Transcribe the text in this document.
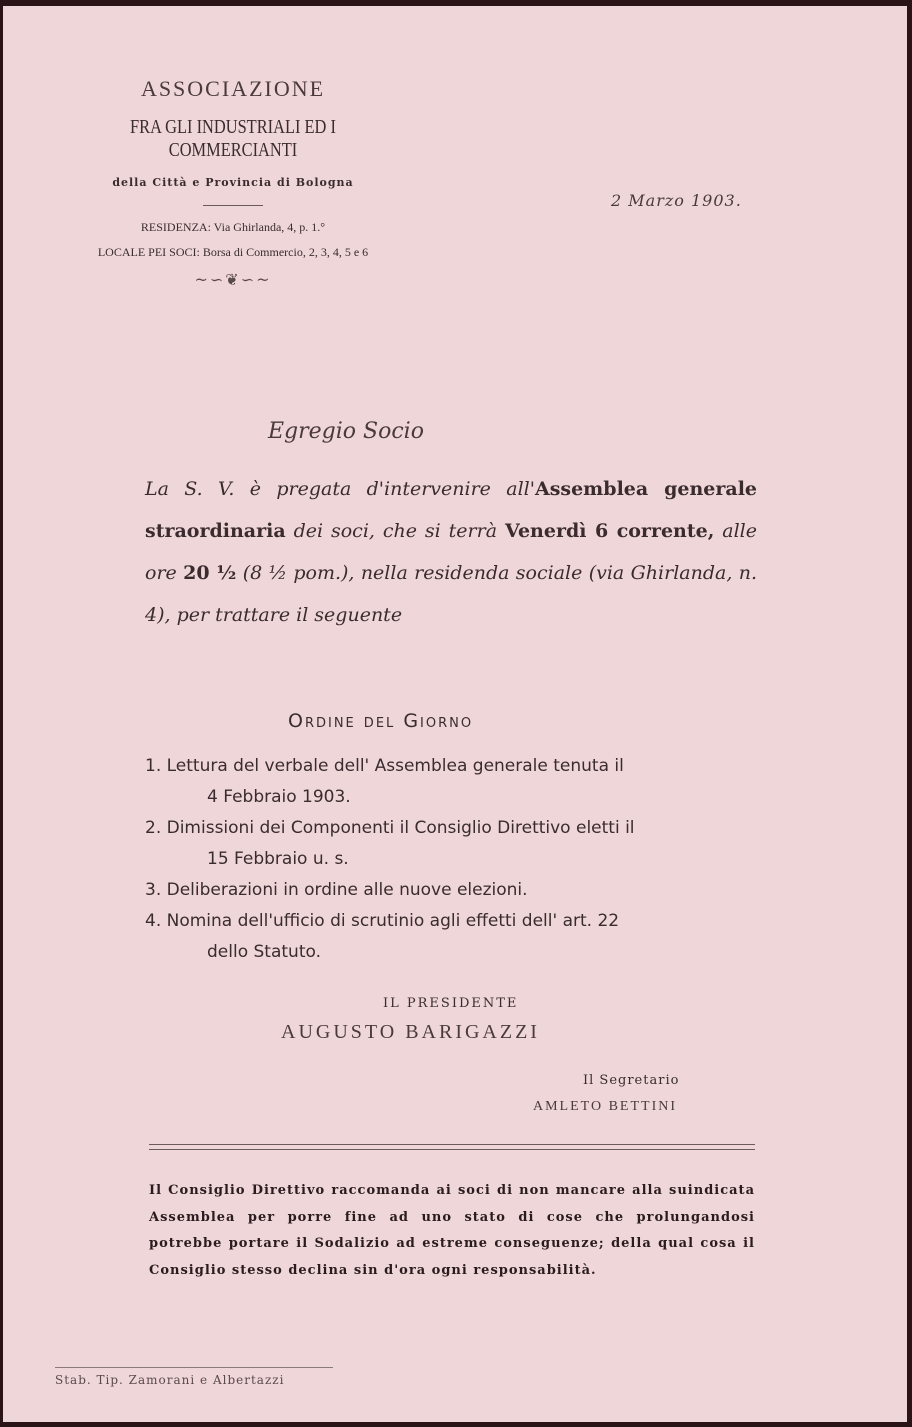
ASSOCIAZIONE
FRA GLI INDUSTRIALI ED I COMMERCIANTI
della Città e Provincia di Bologna
RESIDENZA: Via Ghirlanda, 4, p. 1.°
LOCALE PEI SOCI: Borsa di Commercio, 2, 3, 4, 5 e 6
~∽❦∽~
2 Marzo 1903.
Egregio Socio

La S. V. è pregata d'intervenire all'Assemblea generale straordinaria dei soci, che si terrà Venerdì 6 corrente, alle ore 20 ½ (8 ½ pom.), nella residenda sociale (via Ghirlanda, n. 4), per trattare il seguente

Ordine del Giorno
1. Lettura del verbale dell' Assemblea generale tenuta il
4 Febbraio 1903.
2. Dimissioni dei Componenti il Consiglio Direttivo eletti il
15 Febbraio u. s.
3. Deliberazioni in ordine alle nuove elezioni.
4. Nomina dell'ufficio di scrutinio agli effetti dell' art. 22
dello Statuto.
IL PRESIDENTE
AUGUSTO BARIGAZZI
Il Segretario
AMLETO BETTINI
Il Consiglio Direttivo raccomanda ai soci di non mancare alla suindicata Assemblea per porre fine ad uno stato di cose che prolungandosi potrebbe portare il Sodalizio ad estreme conseguenze; della qual cosa il Consiglio stesso declina sin d'ora ogni responsabilità.
Stab. Tip. Zamorani e Albertazzi
